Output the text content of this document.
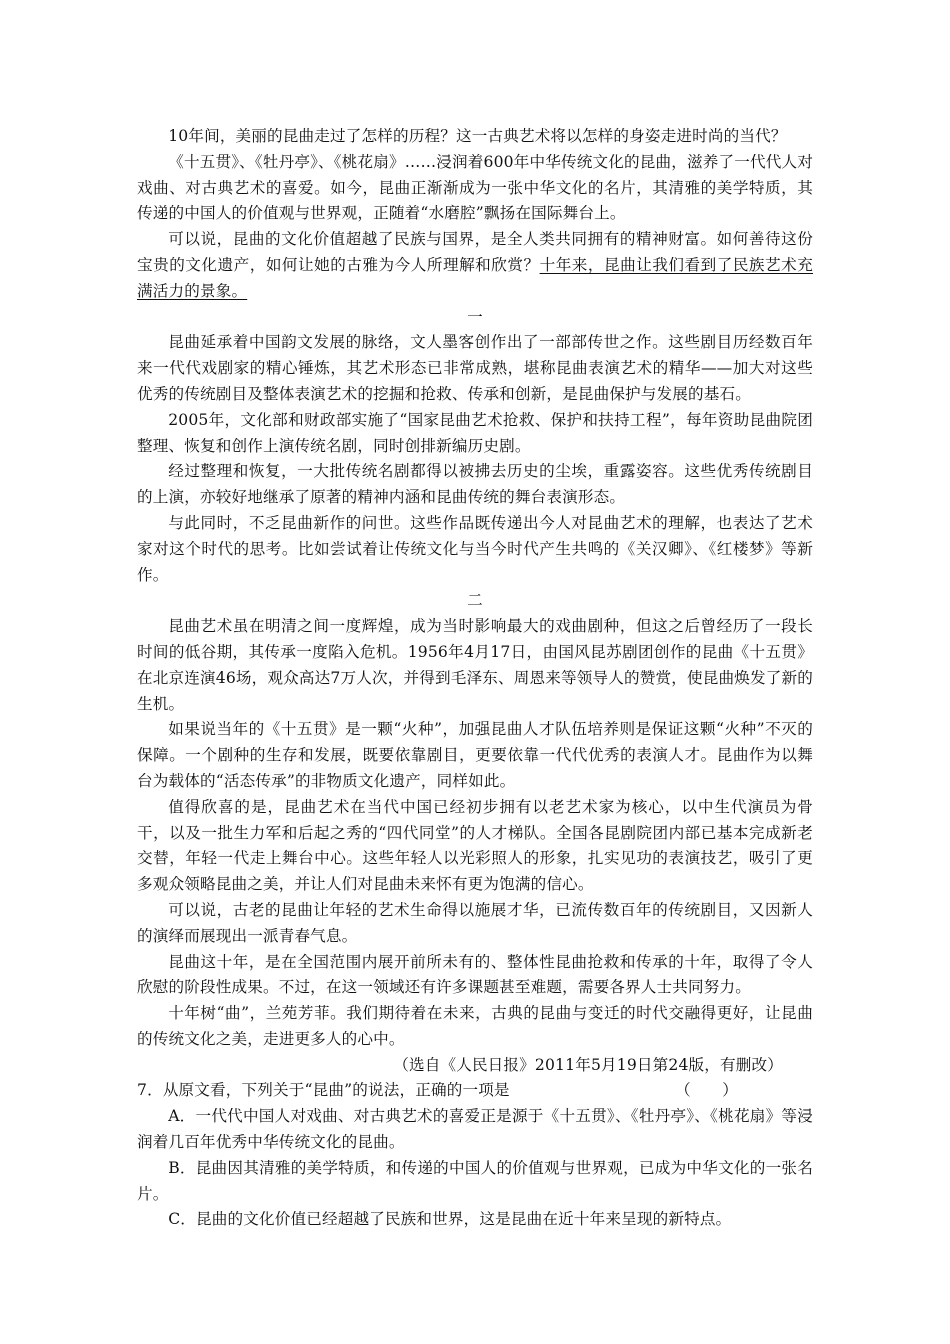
10年间，美丽的昆曲走过了怎样的历程？这一古典艺术将以怎样的身姿走进时尚的当代？

《十五贯》、《牡丹亭》、《桃花扇》……浸润着600年中华传统文化的昆曲，滋养了一代代人对戏曲、对古典艺术的喜爱。如今，昆曲正渐渐成为一张中华文化的名片，其清雅的美学特质，其传递的中国人的价值观与世界观，正随着“水磨腔”飘扬在国际舞台上。

可以说，昆曲的文化价值超越了民族与国界，是全人类共同拥有的精神财富。如何善待这份宝贵的文化遗产，如何让她的古雅为今人所理解和欣赏？十年来，昆曲让我们看到了民族艺术充满活力的景象。

一

昆曲延承着中国韵文发展的脉络，文人墨客创作出了一部部传世之作。这些剧目历经数百年来一代代戏剧家的精心锤炼，其艺术形态已非常成熟，堪称昆曲表演艺术的精华——加大对这些优秀的传统剧目及整体表演艺术的挖掘和抢救、传承和创新，是昆曲保护与发展的基石。

2005年，文化部和财政部实施了“国家昆曲艺术抢救、保护和扶持工程”，每年资助昆曲院团整理、恢复和创作上演传统名剧，同时创排新编历史剧。

经过整理和恢复，一大批传统名剧都得以被拂去历史的尘埃，重露姿容。这些优秀传统剧目的上演，亦较好地继承了原著的精神内涵和昆曲传统的舞台表演形态。

与此同时，不乏昆曲新作的问世。这些作品既传递出今人对昆曲艺术的理解，也表达了艺术家对这个时代的思考。比如尝试着让传统文化与当今时代产生共鸣的《关汉卿》、《红楼梦》等新作。

二

昆曲艺术虽在明清之间一度辉煌，成为当时影响最大的戏曲剧种，但这之后曾经历了一段长时间的低谷期，其传承一度陷入危机。1956年4月17日，由国风昆苏剧团创作的昆曲《十五贯》在北京连演46场，观众高达7万人次，并得到毛泽东、周恩来等领导人的赞赏，使昆曲焕发了新的生机。

如果说当年的《十五贯》是一颗“火种”，加强昆曲人才队伍培养则是保证这颗“火种”不灭的保障。一个剧种的生存和发展，既要依靠剧目，更要依靠一代代优秀的表演人才。昆曲作为以舞台为载体的“活态传承”的非物质文化遗产，同样如此。

值得欣喜的是，昆曲艺术在当代中国已经初步拥有以老艺术家为核心，以中生代演员为骨干，以及一批生力军和后起之秀的“四代同堂”的人才梯队。全国各昆剧院团内部已基本完成新老交替，年轻一代走上舞台中心。这些年轻人以光彩照人的形象，扎实见功的表演技艺，吸引了更多观众领略昆曲之美，并让人们对昆曲未来怀有更为饱满的信心。

可以说，古老的昆曲让年轻的艺术生命得以施展才华，已流传数百年的传统剧目，又因新人的演绎而展现出一派青春气息。

昆曲这十年，是在全国范围内展开前所未有的、整体性昆曲抢救和传承的十年，取得了令人欣慰的阶段性成果。不过，在这一领域还有许多课题甚至难题，需要各界人士共同努力。

十年树“曲”，兰苑芳菲。我们期待着在未来，古典的昆曲与变迁的时代交融得更好，让昆曲的传统文化之美，走进更多人的心中。

（选自《人民日报》2011年5月19日第24版，有删改）

7．从原文看，下列关于“昆曲”的说法，正确的一项是	（　　）

A．一代代中国人对戏曲、对古典艺术的喜爱正是源于《十五贯》、《牡丹亭》、《桃花扇》等浸润着几百年优秀中华传统文化的昆曲。

B．昆曲因其清雅的美学特质，和传递的中国人的价值观与世界观，已成为中华文化的一张名片。

C．昆曲的文化价值已经超越了民族和世界，这是昆曲在近十年来呈现的新特点。
